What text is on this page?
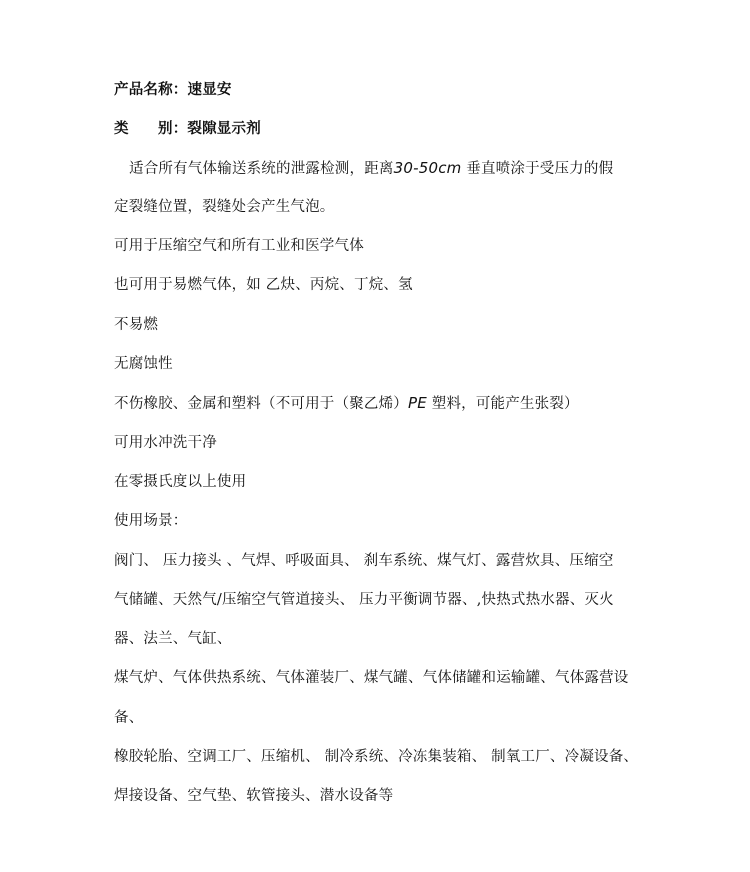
产品名称：速显安
类 别：裂隙显示剂
适合所有气体输送系统的泄露检测，距离30-50cm 垂直喷涂于受压力的假
定裂缝位置，裂缝处会产生气泡。
可用于压缩空气和所有工业和医学气体
也可用于易燃气体，如 乙炔、丙烷、丁烷、氢
不易燃
无腐蚀性
不伤橡胶、金属和塑料（不可用于（聚乙烯）PE 塑料，可能产生张裂）
可用水冲洗干净
在零摄氏度以上使用
使用场景：
阀门、 压力接头 、气焊、呼吸面具、 刹车系统、煤气灯、露营炊具、压缩空
气储罐、天然气/压缩空气管道接头、 压力平衡调节器、,快热式热水器、灭火
器、法兰、气缸、
煤气炉、气体供热系统、气体灌装厂、煤气罐、气体储罐和运输罐、气体露营设
备、
橡胶轮胎、空调工厂、压缩机、 制冷系统、冷冻集装箱、 制氧工厂、冷凝设备、
焊接设备、空气垫、软管接头、潜水设备等
